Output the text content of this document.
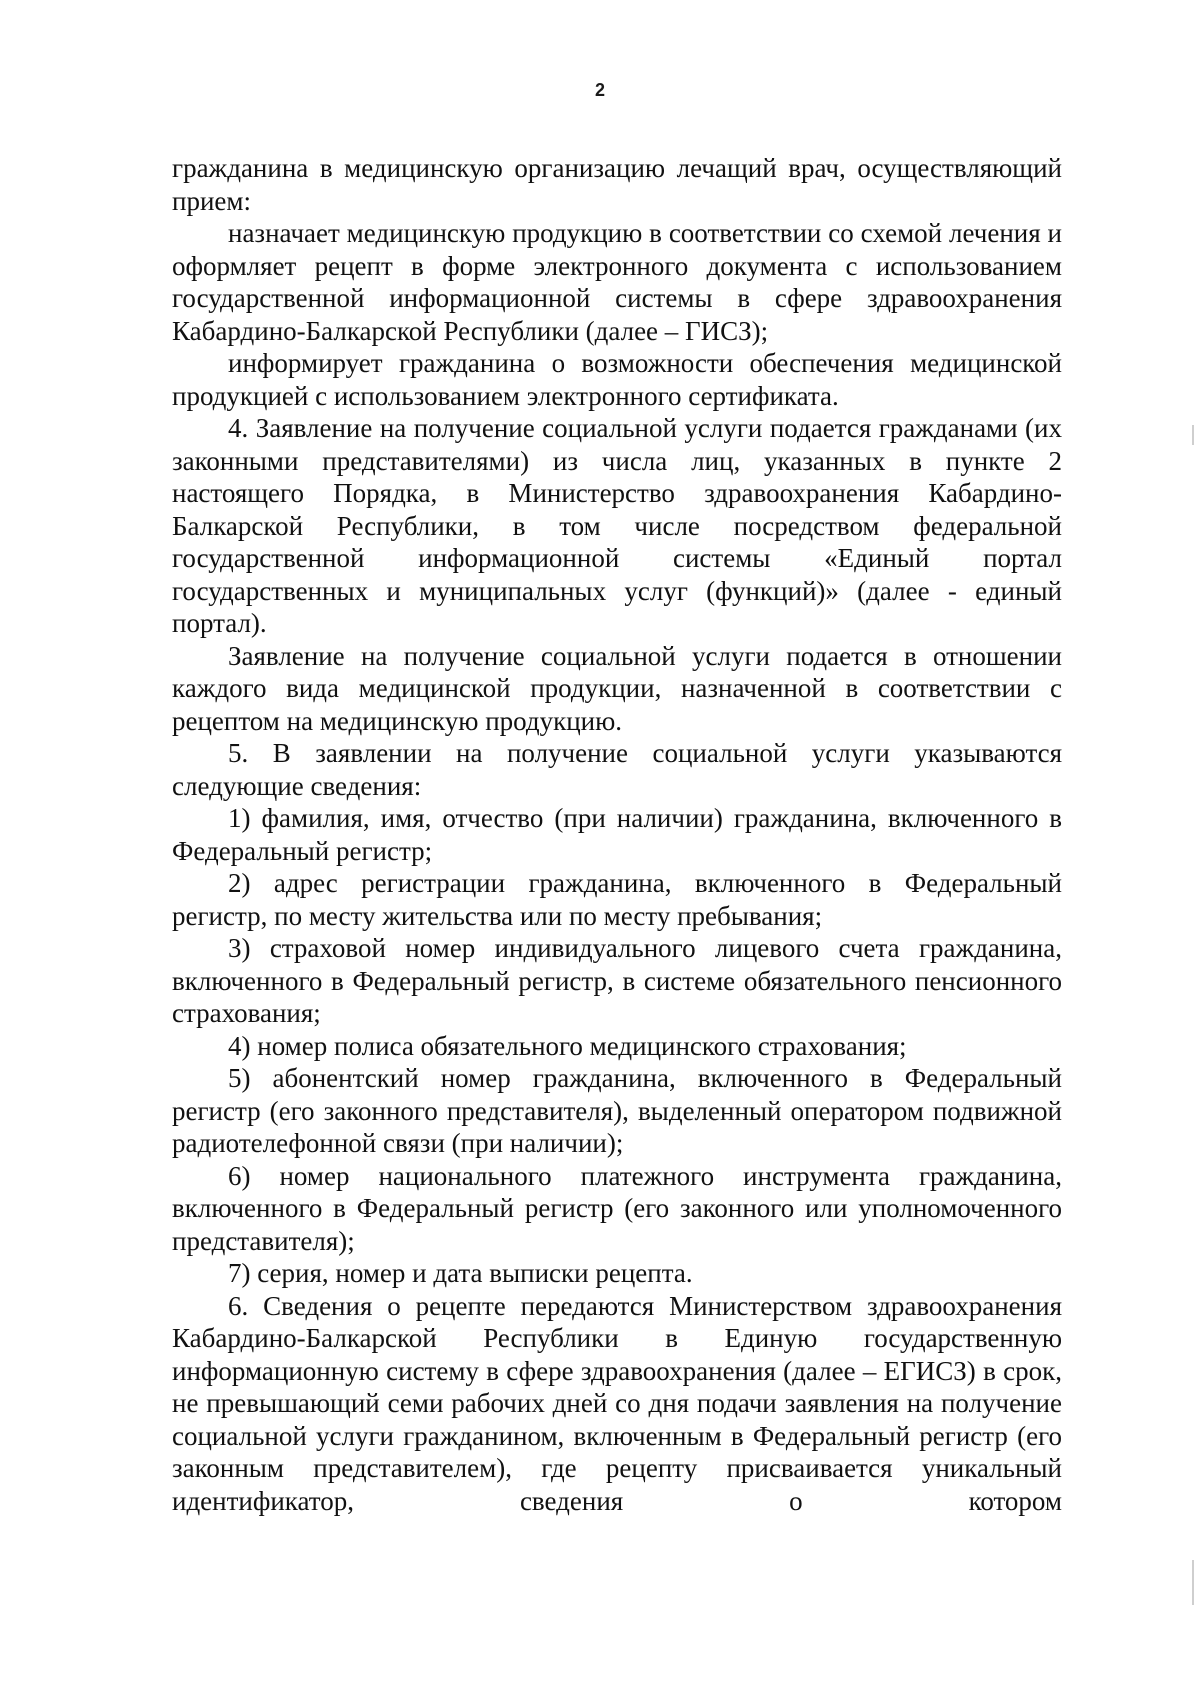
2

гражданина в медицинскую организацию лечащий врач, осуществляющий прием:

назначает медицинскую продукцию в соответствии со схемой лечения и оформляет рецепт в форме электронного документа с использованием государственной информационной системы в сфере здравоохранения Кабардино-Балкарской Республики (далее – ГИСЗ);

информирует гражданина о возможности обеспечения медицинской продукцией с использованием электронного сертификата.

4. Заявление на получение социальной услуги подается гражданами (их законными представителями) из числа лиц, указанных в пункте 2 настоящего Порядка, в Министерство здравоохранения Кабардино-Балкарской Республики, в том числе посредством федеральной государственной информационной системы «Единый портал государственных и муниципальных услуг (функций)» (далее - единый портал).

Заявление на получение социальной услуги подается в отношении каждого вида медицинской продукции, назначенной в соответствии с рецептом на медицинскую продукцию.

5. В заявлении на получение социальной услуги указываются следующие сведения:

1) фамилия, имя, отчество (при наличии) гражданина, включенного в Федеральный регистр;

2) адрес регистрации гражданина, включенного в Федеральный регистр, по месту жительства или по месту пребывания;

3) страховой номер индивидуального лицевого счета гражданина, включенного в Федеральный регистр, в системе обязательного пенсионного страхования;

4) номер полиса обязательного медицинского страхования;

5) абонентский номер гражданина, включенного в Федеральный регистр (его законного представителя), выделенный оператором подвижной радиотелефонной связи (при наличии);

6) номер национального платежного инструмента гражданина, включенного в Федеральный регистр (его законного или уполномоченного представителя);

7) серия, номер и дата выписки рецепта.

6. Сведения о рецепте передаются Министерством здравоохранения Кабардино-Балкарской Республики в Единую государственную информационную систему в сфере здравоохранения (далее – ЕГИСЗ) в срок, не превышающий семи рабочих дней со дня подачи заявления на получение социальной услуги гражданином, включенным в Федеральный регистр (его законным представителем), где рецепту присваивается уникальный идентификатор, сведения о котором
